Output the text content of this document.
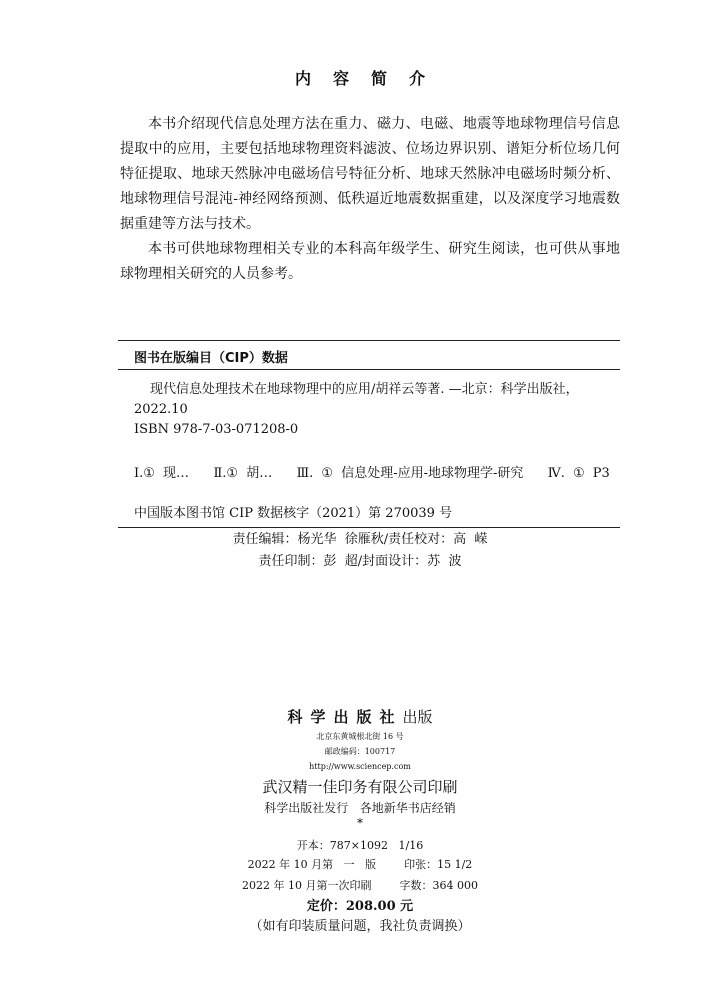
内容简介

本书介绍现代信息处理方法在重力、磁力、电磁、地震等地球物理信号信息提取中的应用，主要包括地球物理资料滤波、位场边界识别、谱矩分析位场几何特征提取、地球天然脉冲电磁场信号特征分析、地球天然脉冲电磁场时频分析、地球物理信号混沌-神经网络预测、低秩逼近地震数据重建，以及深度学习地震数据重建等方法与技术。

本书可供地球物理相关专业的本科高年级学生、研究生阅读，也可供从事地球物理相关研究的人员参考。

图书在版编目（CIP）数据

现代信息处理技术在地球物理中的应用/胡祥云等著. —北京：科学出版社，2022.10

ISBN 978-7-03-071208-0

Ⅰ.① 现…   Ⅱ.① 胡…   Ⅲ. ① 信息处理-应用-地球物理学-研究   Ⅳ. ① P3

中国版本图书馆 CIP 数据核字（2021）第 270039 号

责任编辑：杨光华  徐雁秋/责任校对：高  嵘
责任印制：彭  超/封面设计：苏  波
科学出版社出版
北京东黄城根北街 16 号
邮政编码：100717
http://www.sciencep.com
武汉精一佳印务有限公司印刷
科学出版社发行   各地新华书店经销
*
开本：787×1092   1/16
2022 年 10 月第   一   版        印张：15 1/2
2022 年 10 月第一次印刷        字数：364 000
定价：208.00 元
（如有印装质量问题，我社负责调换）
